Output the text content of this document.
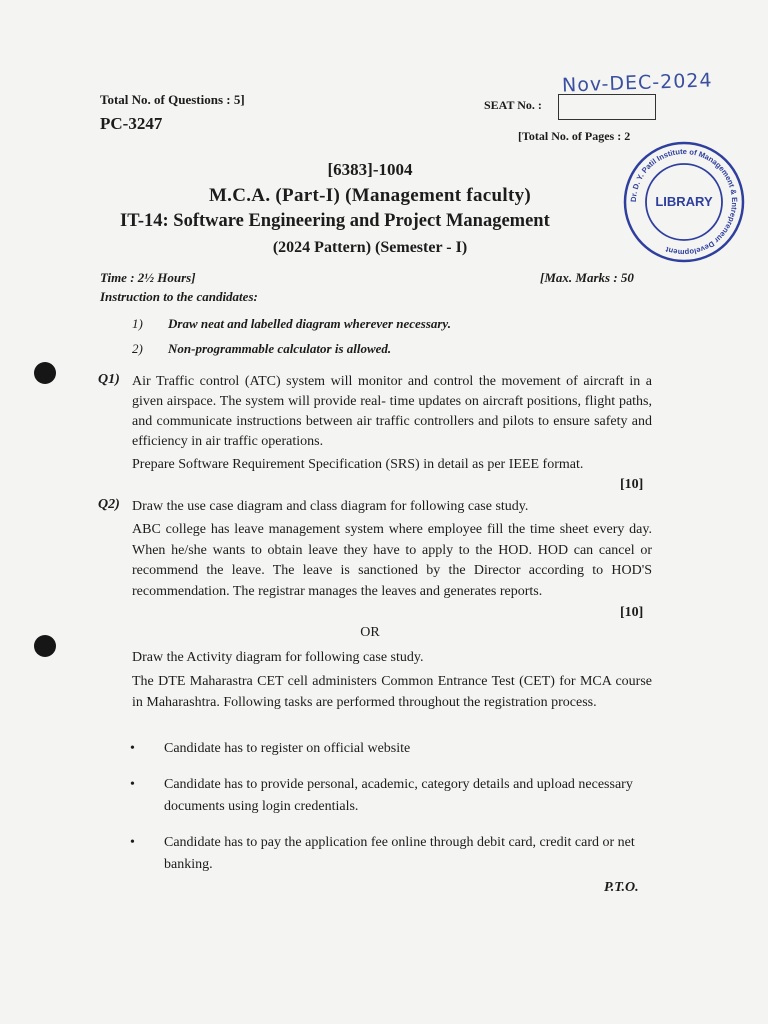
Total No. of Questions : 5]
PC-3247
SEAT No. :
Nov-DEC-2024
[Total No. of Pages : 2
Dr. D. Y. Patil Institute of Management & Entrepreneur Development
LIBRARY
[6383]-1004
M.C.A. (Part-I) (Management faculty)
IT-14: Software Engineering and Project Management
(2024 Pattern) (Semester - I)
Time : 2½ Hours]	[Max. Marks : 50
Instruction to the candidates:
1) Draw neat and labelled diagram wherever necessary.
2) Non-programmable calculator is allowed.
Q1) Air Traffic control (ATC) system will monitor and control the movement of aircraft in a given airspace. The system will provide real- time updates on aircraft positions, flight paths, and communicate instructions between air traffic controllers and pilots to ensure safety and efficiency in air traffic operations.
Prepare Software Requirement Specification (SRS) in detail as per IEEE format.
[10]
Q2) Draw the use case diagram and class diagram for following case study.
ABC college has leave management system where employee fill the time sheet every day. When he/she wants to obtain leave they have to apply to the HOD. HOD can cancel or recommend the leave. The leave is sanctioned by the Director according to HOD'S recommendation. The registrar manages the leaves and generates reports.
[10]
OR
Draw the Activity diagram for following case study.
The DTE Maharastra CET cell administers Common Entrance Test (CET) for MCA course in Maharashtra. Following tasks are performed throughout the registration process.
• Candidate has to register on official website
• Candidate has to provide personal, academic, category details and upload necessary documents using login credentials.
• Candidate has to pay the application fee online through debit card, credit card or net banking.
P.T.O.
